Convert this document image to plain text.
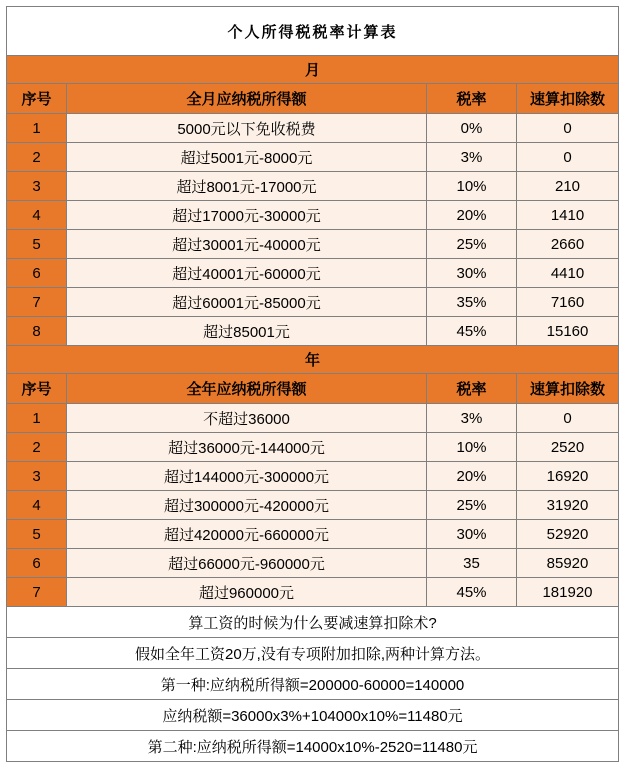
个人所得税税率计算表			
月			
序号	全月应纳税所得额	税率	速算扣除数
1	5000元以下免收税费	0%	0
2	超过5001元-8000元	3%	0
3	超过8001元-17000元	10%	210
4	超过17000元-30000元	20%	1410
5	超过30001元-40000元	25%	2660
6	超过40001元-60000元	30%	4410
7	超过60001元-85000元	35%	7160
8	超过85001元	45%	15160
年			
序号	全年应纳税所得额	税率	速算扣除数
1	不超过36000	3%	0
2	超过36000元-144000元	10%	2520
3	超过144000元-300000元	20%	16920
4	超过300000元-420000元	25%	31920
5	超过420000元-660000元	30%	52920
6	超过66000元-960000元	35	85920
7	超过960000元	45%	181920
算工资的时候为什么要减速算扣除术?			
假如全年工资20万,没有专项附加扣除,两种计算方法。			
第一种:应纳税所得额=200000-60000=140000			
应纳税额=36000x3%+104000x10%=11480元			
第二种:应纳税所得额=14000x10%-2520=11480元			
